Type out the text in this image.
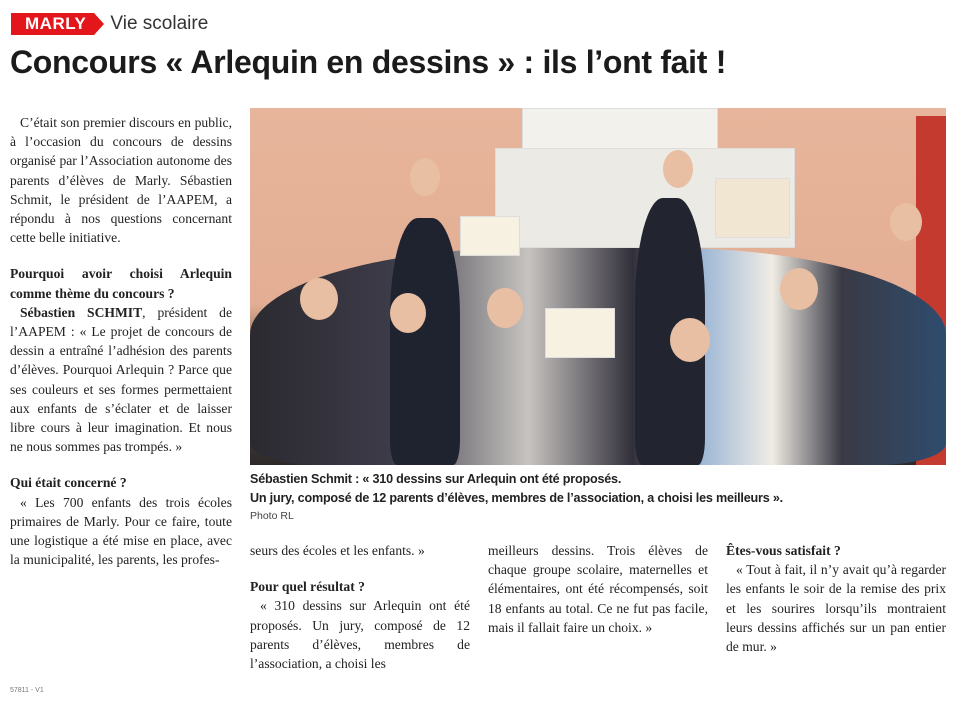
MARLY	Vie scolaire
Concours « Arlequin en dessins » : ils l’ont fait !

C’était son premier discours en public, à l’occasion du concours de dessins organisé par l’Association autonome des parents d’élèves de Marly. Sébastien Schmit, le président de l’AAPEM, a répondu à nos questions concernant cette belle initiative.

Pourquoi avoir choisi Arlequin comme thème du concours ?

Sébastien SCHMIT, président de l’AAPEM : « Le projet de concours de dessin a entraîné l’adhésion des parents d’élèves. Pourquoi Arlequin ? Parce que ses couleurs et ses formes permettaient aux enfants de s’éclater et de laisser libre cours à leur imagination. Et nous ne nous sommes pas trompés. »

Qui était concerné ?

« Les 700 enfants des trois écoles primaires de Marly. Pour ce faire, toute une logistique a été mise en place, avec la municipalité, les parents, les profes-

Sébastien Schmit : « 310 dessins sur Arlequin ont été proposés.
Un jury, composé de 12 parents d’élèves, membres de l’association, a choisi les meilleurs ».
Photo RL
seurs des écoles et les enfants. »
Pour quel résultat ?

« 310 dessins sur Arlequin ont été proposés. Un jury, composé de 12 parents d’élèves, membres de l’association, a choisi les

meilleurs dessins. Trois élèves de chaque groupe scolaire, maternelles et élémentaires, ont été récompensés, soit 18 enfants au total. Ce ne fut pas facile, mais il fallait faire un choix. »
Êtes-vous satisfait ?

« Tout à fait, il n’y avait qu’à regarder les enfants le soir de la remise des prix et les sourires lorsqu’ils montraient leurs dessins affichés sur un pan entier de mur. »

57811 - V1
